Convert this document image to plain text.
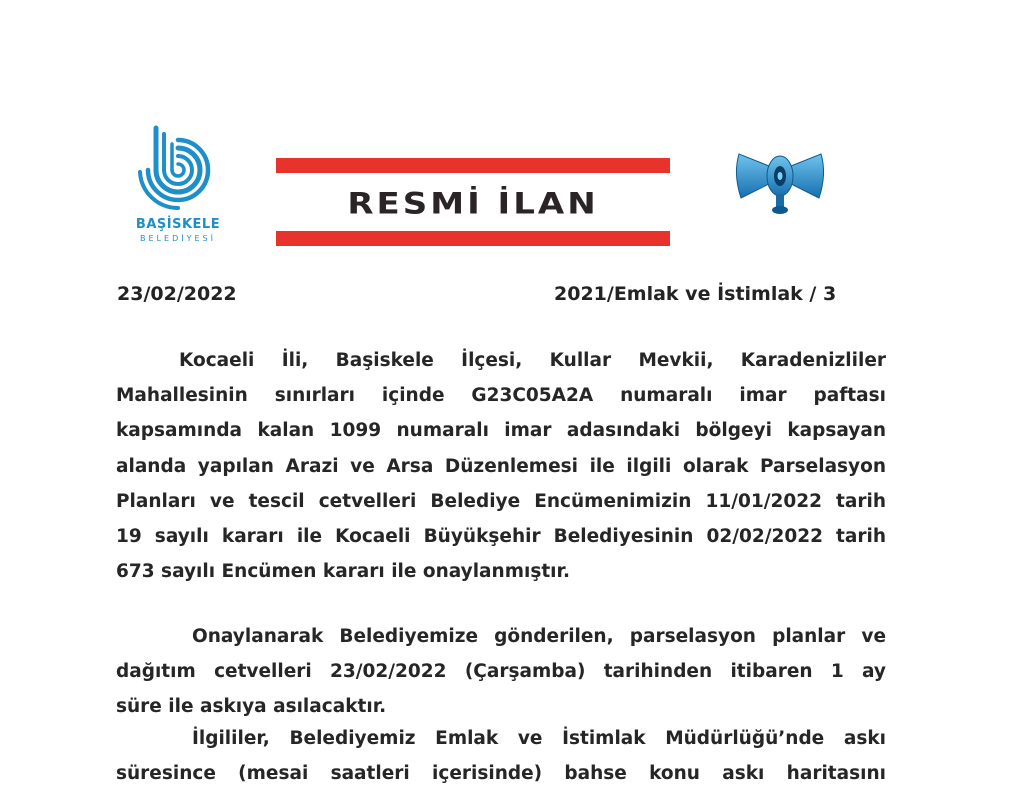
BAŞİSKELE
BELEDİYESİ
RESMİ İLAN
23/02/2022	2021/Emlak ve İstimlak / 3
Kocaeli İli, Başiskele İlçesi, Kullar Mevkii, Karadenizliler
Mahallesinin sınırları içinde G23C05A2A numaralı imar paftası
kapsamında kalan 1099 numaralı imar adasındaki bölgeyi kapsayan
alanda yapılan Arazi ve Arsa Düzenlemesi ile ilgili olarak Parselasyon
Planları ve tescil cetvelleri Belediye Encümenimizin 11/01/2022 tarih
19 sayılı kararı ile Kocaeli Büyükşehir Belediyesinin 02/02/2022 tarih
673 sayılı Encümen kararı ile onaylanmıştır.
Onaylanarak Belediyemize gönderilen, parselasyon planlar ve
dağıtım cetvelleri 23/02/2022 (Çarşamba) tarihinden itibaren 1 ay
süre ile askıya asılacaktır.
İlgililer, Belediyemiz Emlak ve İstimlak Müdürlüğü’nde askı
süresince (mesai saatleri içerisinde) bahse konu askı haritasını
